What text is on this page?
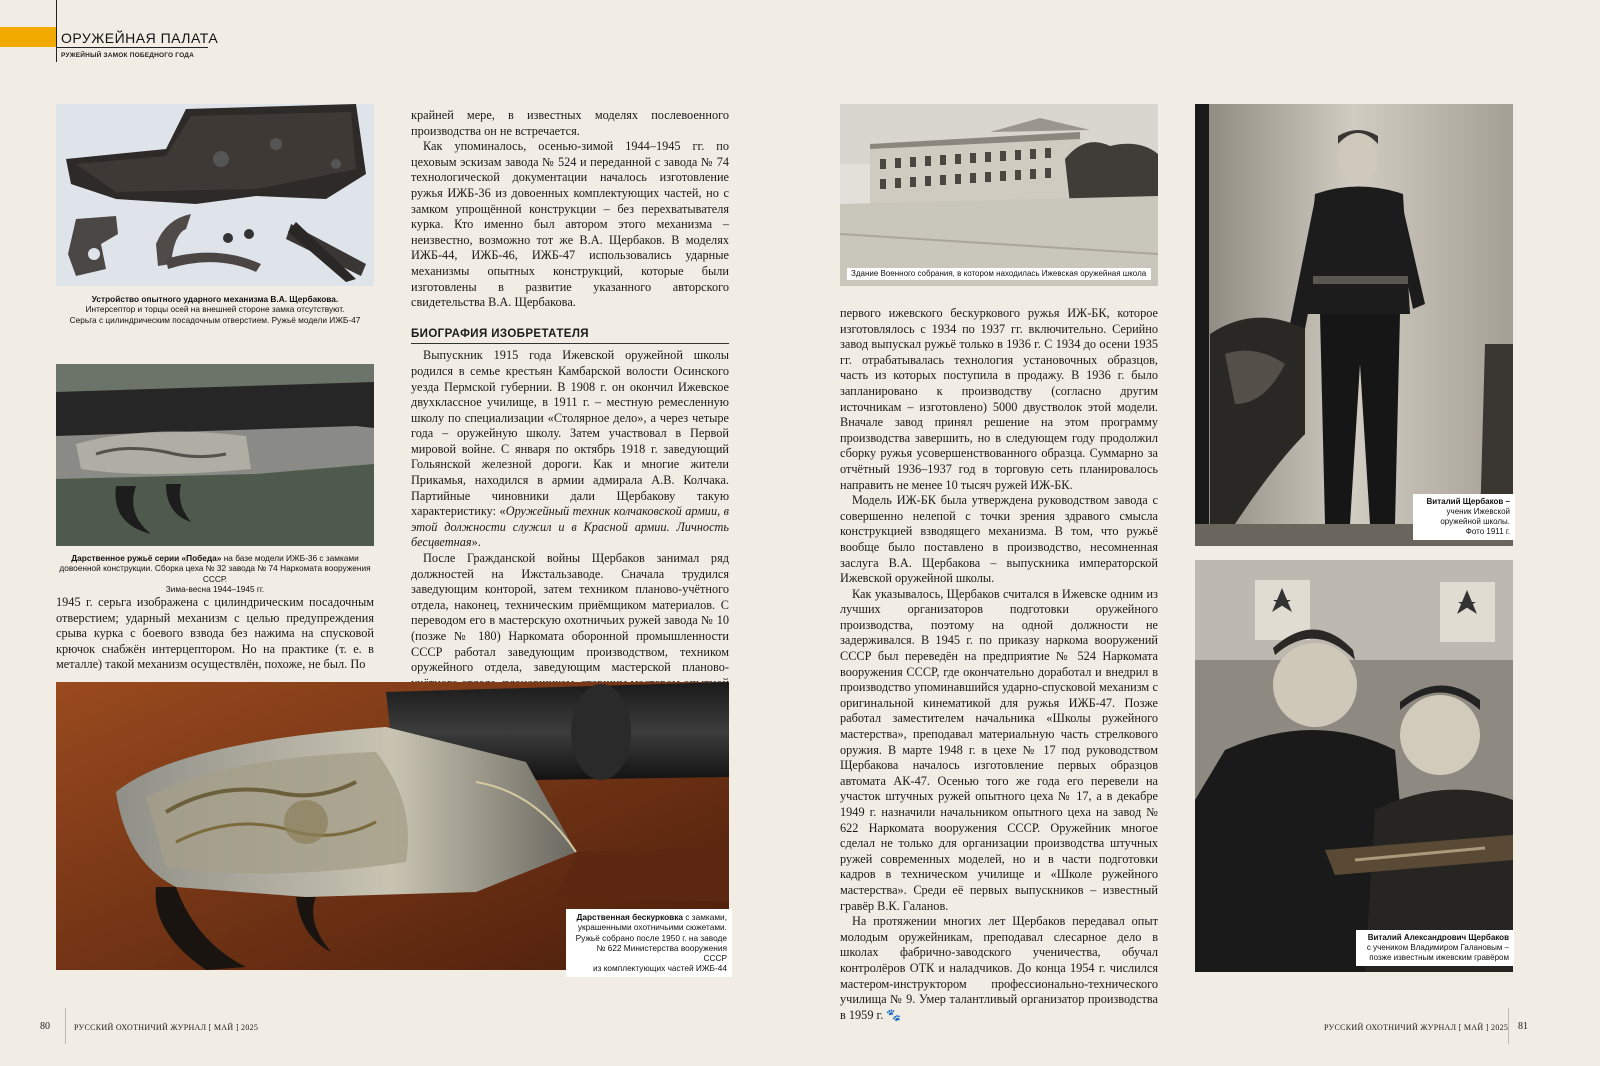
ОРУЖЕЙНАЯ ПАЛАТА
РУЖЕЙНЫЙ ЗАМОК ПОБЕДНОГО ГОДА
Устройство опытного ударного механизма В.А. Щербакова.
Интерсептор и торцы осей на внешней стороне замка отсутствуют.
Серьга с цилиндрическим посадочным отверстием. Ружьё модели ИЖБ-47
Дарственное ружьё серии «Победа» на базе модели ИЖБ-36 с замками довоенной конструкции. Сборка цеха № 32 завода № 74 Наркомата вооружения СССР.
Зима-весна 1944–1945 гг.

1945 г. серьга изображена с цилиндрическим посадочным отверстием; ударный механизм с целью предупреждения срыва курка с боевого взвода без нажима на спусковой крючок снабжён интерцептором. Но на практике (т. е. в металле) такой механизм осуществлён, похоже, не был. По

крайней мере, в известных моделях послевоенного производства он не встречается.

Как упоминалось, осенью-зимой 1944–1945 гг. по цеховым эскизам завода № 524 и переданной с завода № 74 технологической документации началось изготовление ружья ИЖБ-36 из довоенных комплектующих частей, но с замком упрощённой конструкции – без перехватывателя курка. Кто именно был автором этого механизма – неизвестно, возможно тот же В.А. Щербаков. В моделях ИЖБ-44, ИЖБ-46, ИЖБ-47 использовались ударные механизмы опытных конструкций, которые были изготовлены в развитие указанного авторского свидетельства В.А. Щербакова.

БИОГРАФИЯ ИЗОБРЕТАТЕЛЯ

Выпускник 1915 года Ижевской оружейной школы родился в семье крестьян Камбарской волости Осинского уезда Пермской губернии. В 1908 г. он окончил Ижевское двухклассное училище, в 1911 г. – местную ремесленную школу по специализации «Столярное дело», а через четыре года – оружейную школу. Затем участвовал в Первой мировой войне. С января по октябрь 1918 г. заведующий Гольянской железной дороги. Как и многие жители Прикамья, находился в армии адмирала А.В. Колчака. Партийные чиновники дали Щербакову такую характеристику: «Оружейный техник колчаковской армии, в этой должности служил и в Красной армии. Личность бесцветная».

После Гражданской войны Щербаков занимал ряд должностей на Ижстальзаводе. Сначала трудился заведующим конторой, затем техником планово-учётного отдела, наконец, техническим приёмщиком материалов. С переводом его в мастерскую охотничьих ружей завода № 10 (позже № 180) Наркомата оборонной промышленности СССР работал заведующим производством, техником оружейного отдела, заведующим мастерской планово-

Дарственная бескурковка с замками,
украшенными охотничьими сюжетами.
Ружьё собрано после 1950 г. на заводе
№ 622 Министерства вооружения СССР
из комплектующих частей ИЖБ-44
Здание Военного собрания, в котором находилась Ижевская оружейная школа

первого ижевского бескуркового ружья ИЖ-БК, которое изготовлялось с 1934 по 1937 гг. включительно. Серийно завод выпускал ружьё только в 1936 г. С 1934 до осени 1935 гг. отрабатывалась технология установочных образцов, часть из которых поступила в продажу. В 1936 г. было запланировано к производству (согласно другим источникам – изготовлено) 5000 двустволок этой модели. Вначале завод принял решение на этом программу производства завершить, но в следующем году продолжил сборку ружья усовершенствованного образца. Суммарно за отчётный 1936–1937 год в торговую сеть планировалось направить не менее 10 тысяч ружей ИЖ-БК.

Модель ИЖ-БК была утверждена руководством завода с совершенно нелепой с точки зрения здравого смысла конструкцией взводящего механизма. В том, что ружьё вообще было поставлено в производство, несомненная заслуга В.А. Щербакова – выпускника императорской Ижевской оружейной школы.

Как указывалось, Щербаков считался в Ижевске одним из лучших организаторов подготовки оружейного производства, поэтому на одной должности не задерживался. В 1945 г. по приказу наркома вооружений СССР был переведён на предприятие № 524 Наркомата вооружения СССР, где окончательно доработал и внедрил в производство упоминавшийся ударно-спусковой механизм с оригинальной кинематикой для ружья ИЖБ-47. Позже работал заместителем начальника «Школы ружейного мастерства», преподавал материальную часть стрелкового оружия. В марте 1948 г. в цехе № 17 под руководством Щербакова началось изготовление первых образцов автомата АК-47. Осенью того же года его перевели на участок штучных ружей опытного цеха № 17, а в декабре 1949 г. назначили начальником опытного цеха на завод № 622 Наркомата вооружения СССР. Оружейник многое сделал не только для организации производства штучных ружей современных моделей, но и в части подготовки кадров в техническом училище и «Школе ружейного мастерства». Среди её первых выпускников – известный гравёр В.К. Галанов.

На протяжении многих лет Щербаков передавал опыт молодым оружейникам, преподавал слесарное дело в школах фабрично-заводского ученичества, обучал контролёров ОТК и наладчиков. До конца 1954 г. числился мастером-инструктором профессионально-технического училища № 9. Умер талантливый организатор производства в 1959 г. 🐾

Виталий Щербаков –
ученик Ижевской
оружейной школы.
Фото 1911 г.
Виталий Александрович Щербаков
с учеником Владимиром Галановым –
позже известным ижевским гравёром
80	РУССКИЙ ОХОТНИЧИЙ ЖУРНАЛ [ МАЙ ] 2025	РУССКИЙ ОХОТНИЧИЙ ЖУРНАЛ [ МАЙ ] 2025 81
